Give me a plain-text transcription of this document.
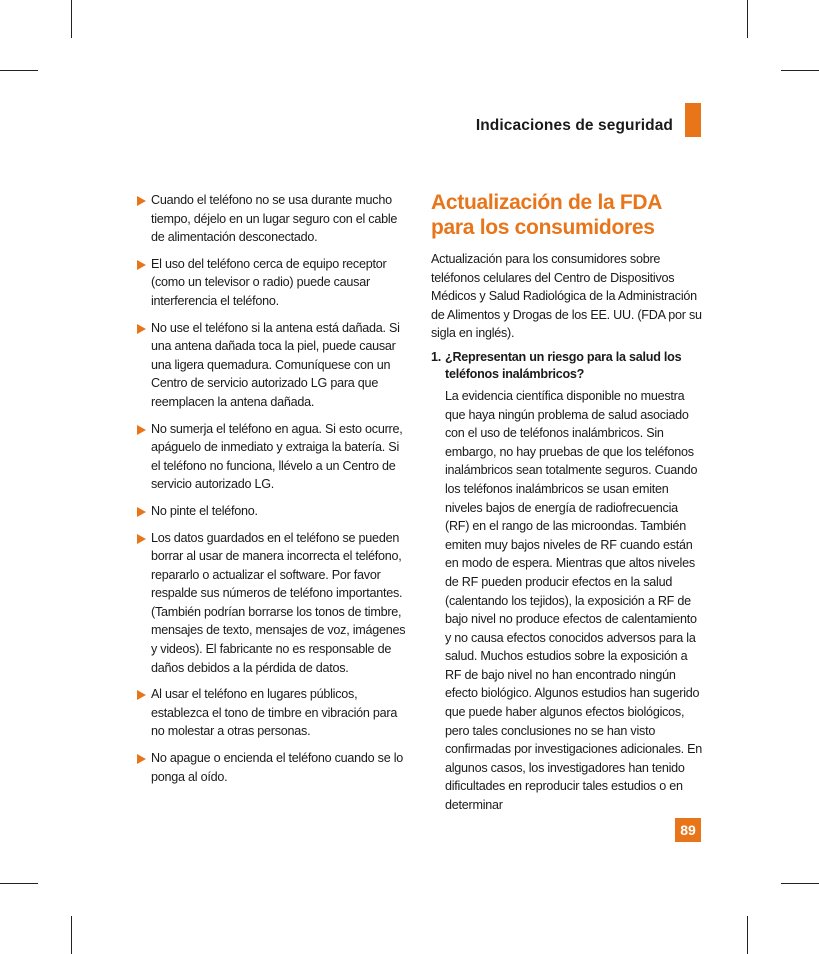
Indicaciones de seguridad
Cuando el teléfono no se usa durante mucho tiempo, déjelo en un lugar seguro con el cable de alimentación desconectado.
El uso del teléfono cerca de equipo receptor (como un televisor o radio) puede causar interferencia el teléfono.
No use el teléfono si la antena está dañada. Si una antena dañada toca la piel, puede causar una ligera quemadura. Comuníquese con un Centro de servicio autorizado LG para que reemplacen la antena dañada.
No sumerja el teléfono en agua. Si esto ocurre, apáguelo de inmediato y extraiga la batería. Si el teléfono no funciona, llévelo a un Centro de servicio autorizado LG.
No pinte el teléfono.
Los datos guardados en el teléfono se pueden borrar al usar de manera incorrecta el teléfono, repararlo o actualizar el software. Por favor respalde sus números de teléfono importantes. (También podrían borrarse los tonos de timbre, mensajes de texto, mensajes de voz, imágenes y videos). El fabricante no es responsable de daños debidos a la pérdida de datos.
Al usar el teléfono en lugares públicos, establezca el tono de timbre en vibración para no molestar a otras personas.
No apague o encienda el teléfono cuando se lo ponga al oído.
Actualización de la FDA para los consumidores

Actualización para los consumidores sobre teléfonos celulares del Centro de Dispositivos Médicos y Salud Radiológica de la Administración de Alimentos y Drogas de los EE. UU. (FDA por su sigla en inglés).

1. ¿Representan un riesgo para la salud los teléfonos inalámbricos?
La evidencia científica disponible no muestra que haya ningún problema de salud asociado con el uso de teléfonos inalámbricos. Sin embargo, no hay pruebas de que los teléfonos inalámbricos sean totalmente seguros. Cuando los teléfonos inalámbricos se usan emiten niveles bajos de energía de radiofrecuencia (RF) en el rango de las microondas. También emiten muy bajos niveles de RF cuando están en modo de espera. Mientras que altos niveles de RF pueden producir efectos en la salud (calentando los tejidos), la exposición a RF de bajo nivel no produce efectos de calentamiento y no causa efectos conocidos adversos para la salud. Muchos estudios sobre la exposición a RF de bajo nivel no han encontrado ningún efecto biológico. Algunos estudios han sugerido que puede haber algunos efectos biológicos, pero tales conclusiones no se han visto confirmadas por investigaciones adicionales. En algunos casos, los investigadores han tenido dificultades en reproducir tales estudios o en determinar
89
